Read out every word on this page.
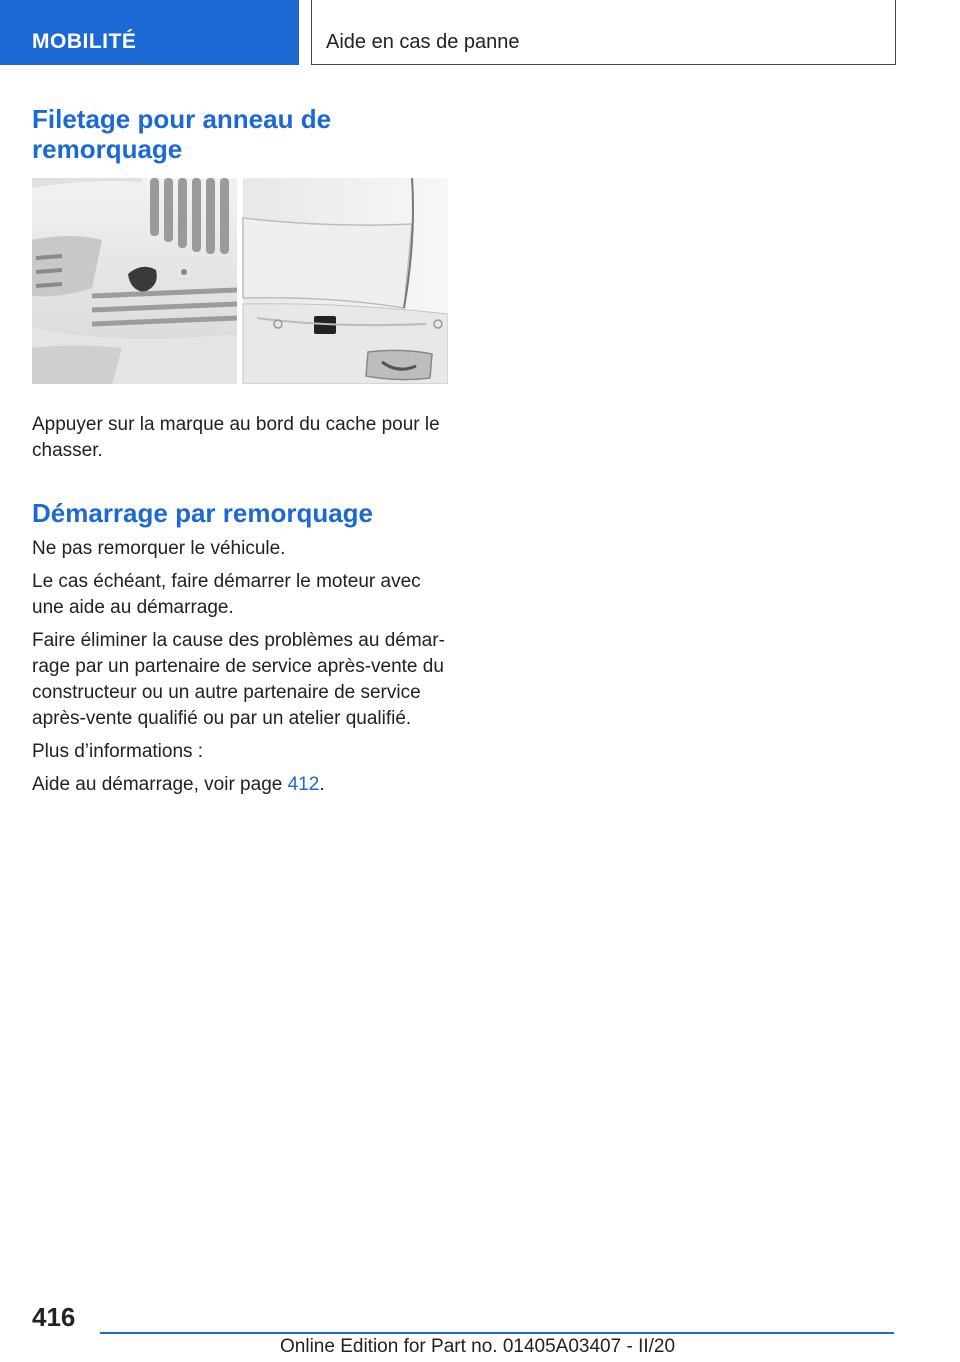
MOBILITÉ	Aide en cas de panne
Filetage pour anneau de
remorquage

Appuyer sur la marque au bord du cache pour le chasser.

Démarrage par remorquage

Ne pas remorquer le véhicule.

Le cas échéant, faire démarrer le moteur avec une aide au démarrage.

Faire éliminer la cause des problèmes au démarrage par un partenaire de service après-vente du constructeur ou un autre partenaire de service après-vente qualifié ou par un atelier qualifié.

Plus d’informations :

Aide au démarrage, voir page 412.

416
Online Edition for Part no. 01405A03407 - II/20
